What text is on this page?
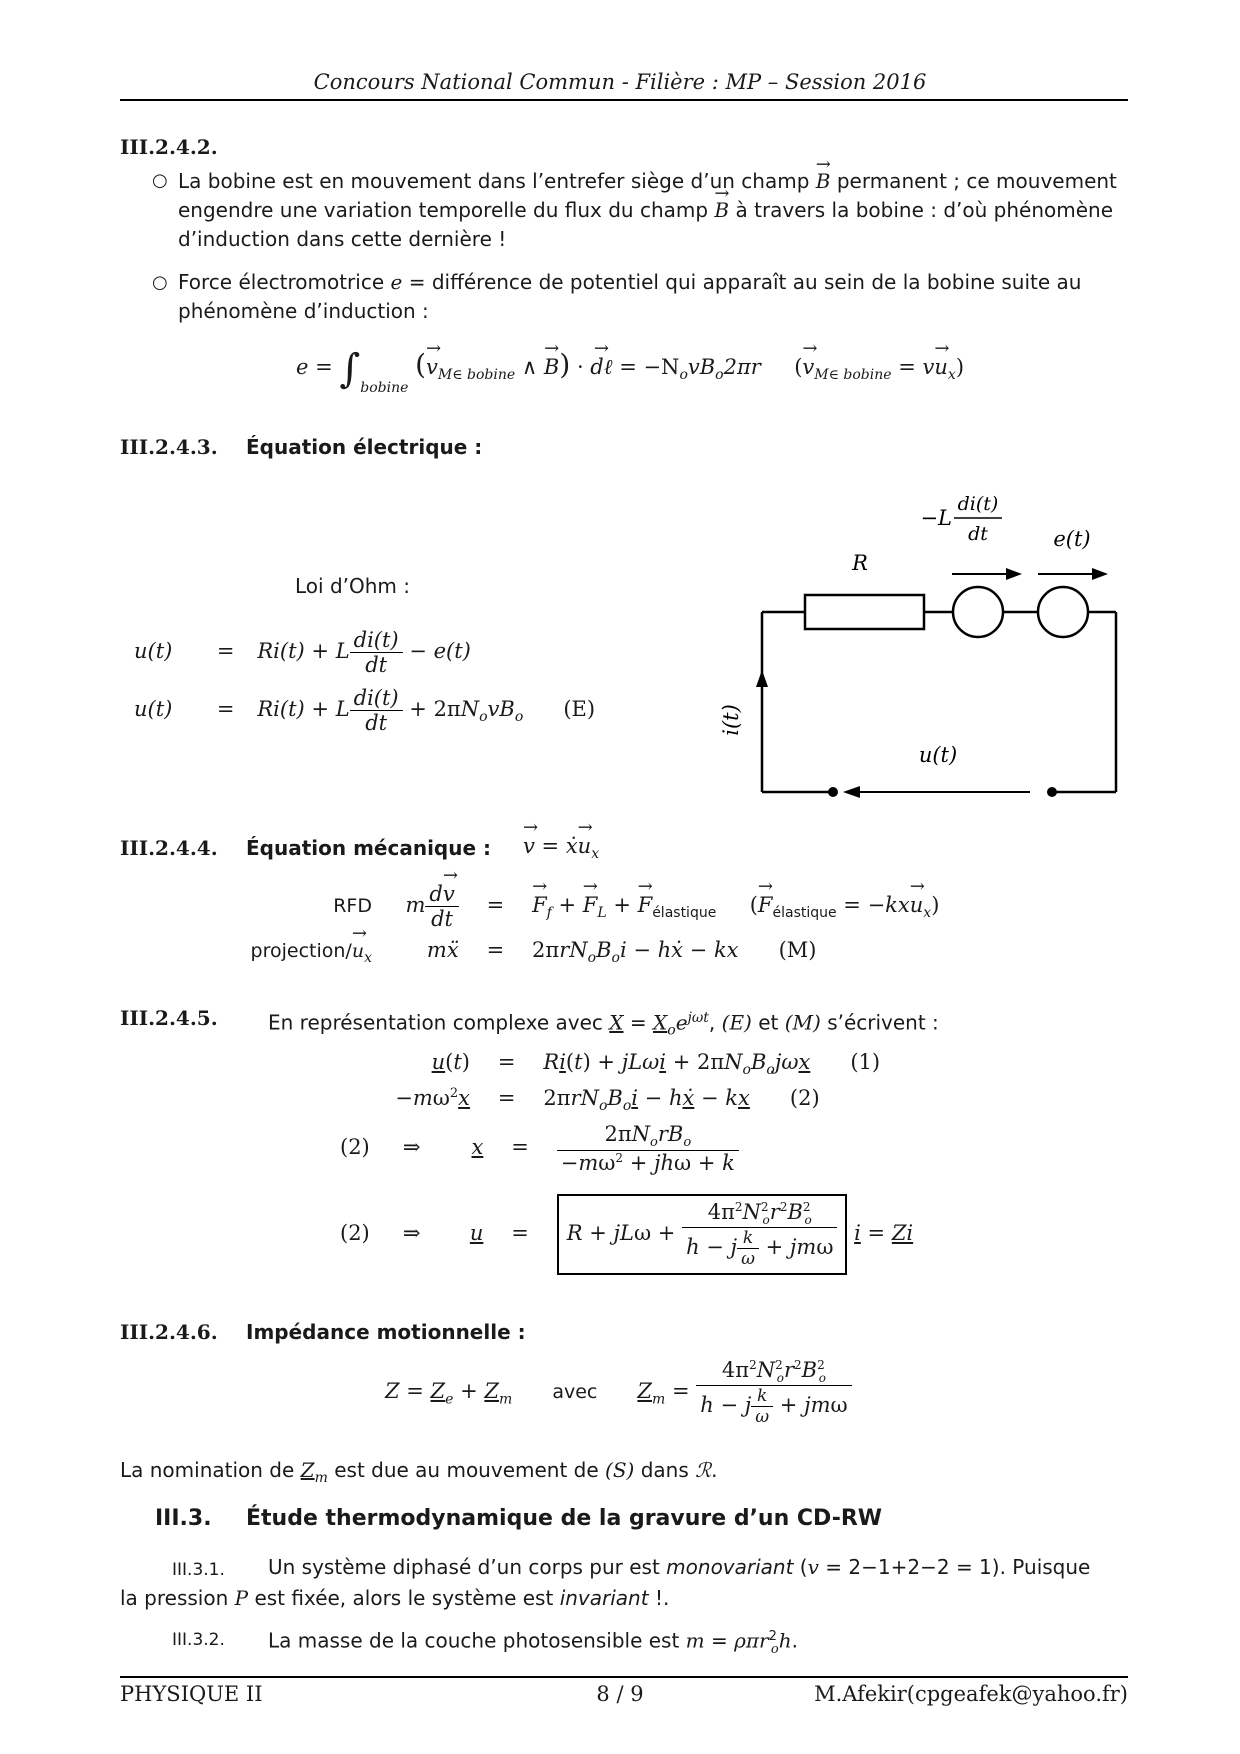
Concours National Commun - Filière : MP – Session 2016
III.2.4.2.
○ La bobine est en mouvement dans l’entrefer siège d’un champ → B permanent ; ce mouvement
engendre une variation temporelle du flux du champ → B à travers la bobine : d’où phénomène
d’induction dans cette dernière !
○ Force électromotrice e = différence de potentiel qui apparaît au sein de la bobine suite au
phénomène d’induction :
$e = \int_{bobine}$ (→ $v_{M\in bobine}$ ∧ → B) · → dℓ = $-N_ovB_o2\pi r$     (→ $v_{M\in bobine} = v\to u_x$)
III.2.4.3. Équation électrique :
Loi d’Ohm :
u(t) = Ri(t) + L $\frac{di(t)}{dt} - e(t)$
u(t) = Ri(t) + L $\frac{di(t)}{dt} + 2\pi N_ovB_o$ (E)
R
−L
di(t)
dt	e(t)
u(t)
i(t)
III.2.4.4. Équation mécanique : → v = ẋ→ $u_x$
RFD m $\frac{d\to v}{dt}$ = → $F_f$ + → $F_L$ + → $F_{élastique}$     (→ $F_{élastique} = -kx\to u_x$)
projection/→ $u_x$	mẍ = $2\pi rN_oB_oi$ − hẋ − kx (M)
III.2.4.5.	En représentation complexe avec $X = X_oe^{j\omega t}$, (E) et (M) s’écrivent :
$u(t) = Ri(t) + jL\omega i + 2\pi N_oB_oj\omega x$ (1)
$-m\omega^2x = 2\pi rN_oB_oi$ − hẋ − kx (2)
(2) ⇒ $x = \frac{2\pi N_orB_o}{-m\omega^2 + jh\omega + k}$
(2) ⇒ $u = R + jL\omega + \frac{4\pi^2N^2_or^2B^2_o}{h - j \frac{k}{\omega} + jm\omega}$ i = Zi
III.2.4.6. Impédance motionnelle :
$Z = Z_e + Z_m$ avec $Z_m = \frac{4\pi^2N^2_or^2B^2_o}{h - j \frac{k}{\omega} + jm\omega}$
La nomination de $Z_m$ est due au mouvement de (S) dans ℛ.
III.3. Étude thermodynamique de la gravure d’un CD-RW
III.3.1. Un système diphasé d’un corps pur est monovariant (v = 2−1+2−2 = 1). Puisque
la pression P est fixée, alors le système est invariant !.
III.3.2. La masse de la couche photosensible est m = ρπr$^2_o$h.
PHYSIQUE II	8 / 9	M.Afekir(cpgeafek@yahoo.fr)
